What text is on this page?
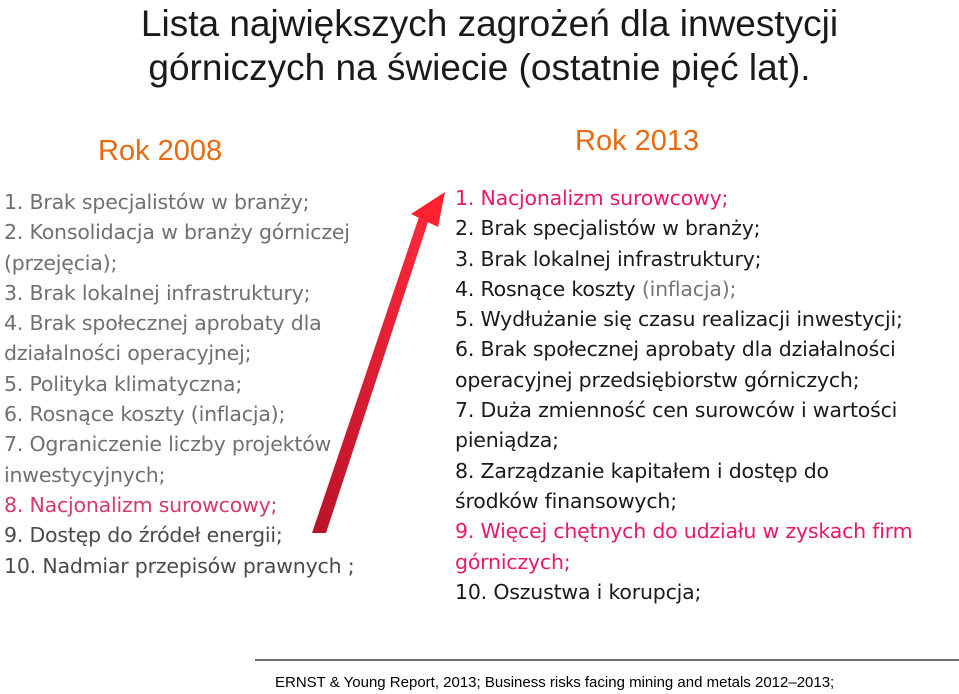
Lista największych zagrożeń dla inwestycji
górniczych na świecie (ostatnie pięć lat).
Rok 2008	Rok 2013
1. Brak specjalistów w branży;
2. Konsolidacja w branży górniczej
(przejęcia);
3. Brak lokalnej infrastruktury;
4. Brak społecznej aprobaty dla
działalności operacyjnej;
5. Polityka klimatyczna;
6. Rosnące koszty (inflacja);
7. Ograniczenie liczby projektów
inwestycyjnych;
8. Nacjonalizm surowcowy;
9. Dostęp do źródeł energii;
10. Nadmiar przepisów prawnych ;
1. Nacjonalizm surowcowy;
2. Brak specjalistów w branży;
3. Brak lokalnej infrastruktury;
4. Rosnące koszty (inflacja);
5. Wydłużanie się czasu realizacji inwestycji;
6. Brak społecznej aprobaty dla działalności
operacyjnej przedsiębiorstw górniczych;
7. Duża zmienność cen surowców i wartości
pieniądza;
8. Zarządzanie kapitałem i dostęp do
środków finansowych;
9. Więcej chętnych do udziału w zyskach firm
górniczych;
10. Oszustwa i korupcja;
ERNST & Young Report, 2013; Business risks facing mining and metals 2012–2013;
